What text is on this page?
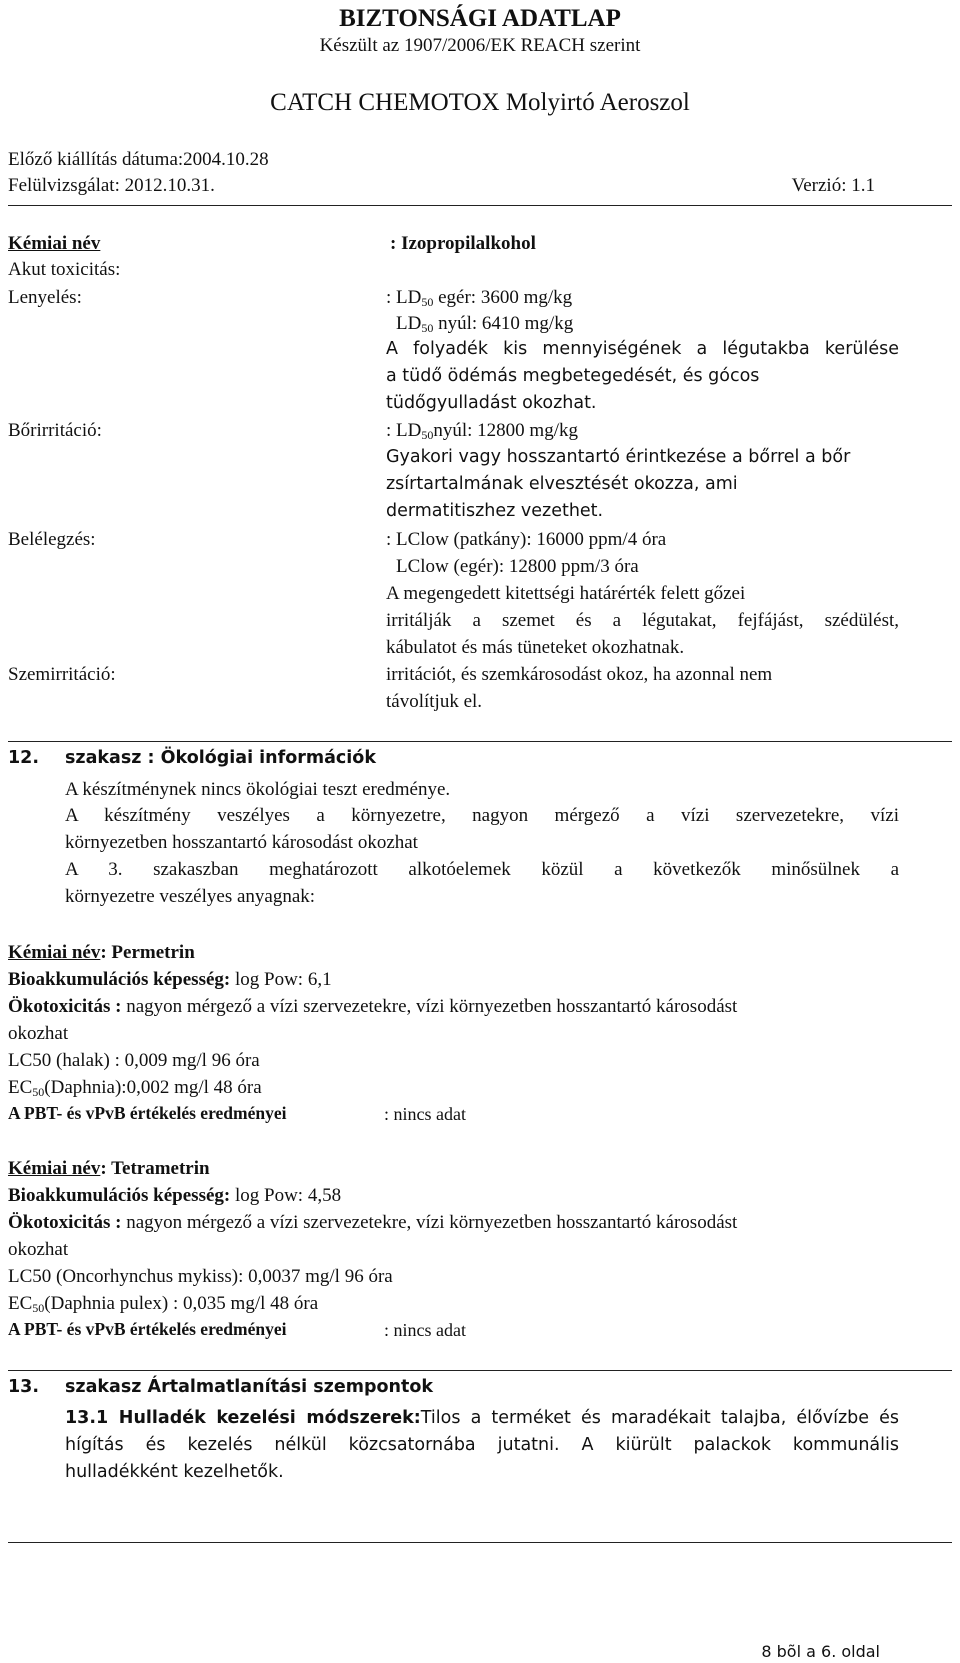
BIZTONSÁGI ADATLAP
Készült az 1907/2006/EK REACH szerint
CATCH CHEMOTOX Molyirtó Aeroszol
Előző kiállítás dátuma:2004.10.28
Felülvizsgálat: 2012.10.31.	Verzió: 1.1
Kémiai név	: Izopropilalkohol
Akut toxicitás:
Lenyelés:	: $LD_{50}$ egér: 3600 mg/kg
$LD_{50}$ nyúl: 6410 mg/kg
A folyadék kis mennyiségének a légutakba kerülése
a tüdő ödémás megbetegedését, és gócos
tüdőgyulladást okozhat.
Bőrirritáció:	: $LD_{50}nyúl$: 12800 mg/kg
Gyakori vagy hosszantartó érintkezése a bőrrel a bőr
zsírtartalmának elvesztését okozza, ami
dermatitiszhez vezethet.
Belélegzés:	: LClow (patkány): 16000 ppm/4 óra
LClow (egér): 12800 ppm/3 óra
A megengedett kitettségi határérték felett gőzei
irritálják a szemet és a légutakat, fejfájást, szédülést,
kábulatot és más tüneteket okozhatnak.
Szemirritáció:	irritációt, és szemkárosodást okoz, ha azonnal nem
távolítjuk el.
12. szakasz : Ökológiai információk
A készítménynek nincs ökológiai teszt eredménye.
A készítmény veszélyes a környezetre, nagyon mérgező a vízi szervezetekre, vízi
környezetben hosszantartó károsodást okozhat
A 3. szakaszban meghatározott alkotóelemek közül a következők minősülnek a
környezetre veszélyes anyagnak:
Kémiai név: Permetrin
Bioakkumulációs képesség: log Pow: 6,1
Ökotoxicitás : nagyon mérgező a vízi szervezetekre, vízi környezetben hosszantartó károsodást
okozhat
LC50 (halak) : 0,009 mg/l 96 óra
$EC_{50}(Daphnia):0,002$ mg/l 48 óra
A PBT- és vPvB értékelés eredményei	: nincs adat
Kémiai név: Tetrametrin
Bioakkumulációs képesség: log Pow: 4,58
Ökotoxicitás : nagyon mérgező a vízi szervezetekre, vízi környezetben hosszantartó károsodást
okozhat
LC50 (Oncorhynchus mykiss): 0,0037 mg/l 96 óra
$EC_{50}(Daphnia$ pulex) : 0,035 mg/l 48 óra
A PBT- és vPvB értékelés eredményei	: nincs adat
13. szakasz Ártalmatlanítási szempontok
13.1 Hulladék kezelési módszerek:Tilos a terméket és maradékait talajba, élővízbe és
hígítás és kezelés nélkül közcsatornába jutatni. A kiürült palackok kommunális
hulladékként kezelhetők.
8 bõl a 6. oldal
